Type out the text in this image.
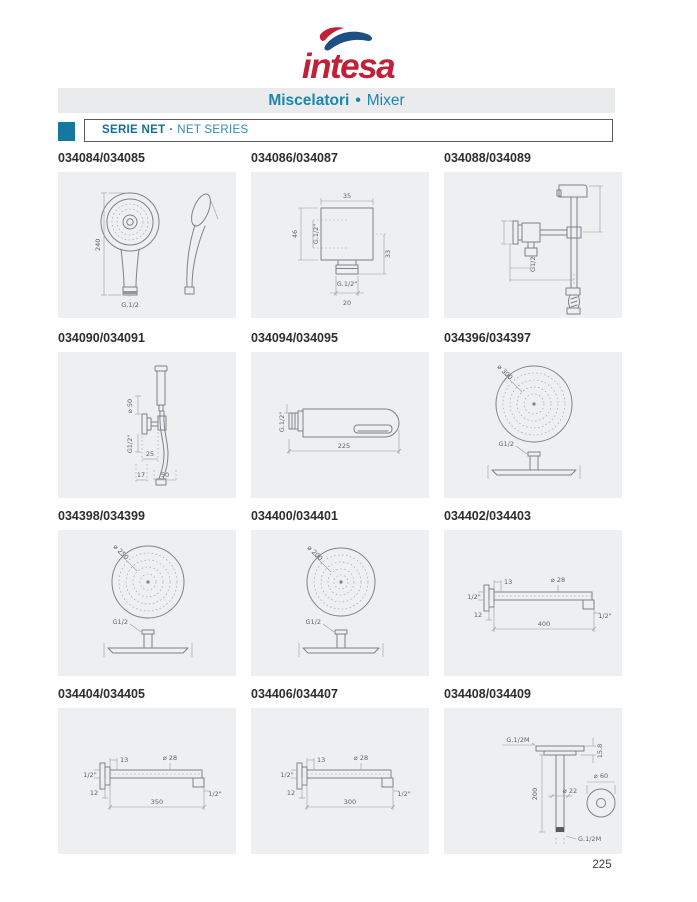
intesa
Miscelatori • Mixer
SERIE NET · NET SERIES
034084/034085
240
G.1/2
034086/034087
35
46 G.1/2"
33
G.1/2"
20
034088/034089
G1/2
034090/034091
⌀ 50
G1/2"
25
17 50
034094/034095
G.1/2"
225
034396/034397
⌀ 300
G1/2
034398/034399
⌀ 250
G1/2
034400/034401
⌀ 200
G1/2
034402/034403
13	⌀ 28
1/2"
12
400
1/2"
034404/034405
13	⌀ 28
1/2"
12
350
1/2"
034406/034407
13	⌀ 28
1/2"
12
300
1/2"
034408/034409
G.1/2M
15.8
200	⌀ 22
G.1/2M
⌀ 60
225
